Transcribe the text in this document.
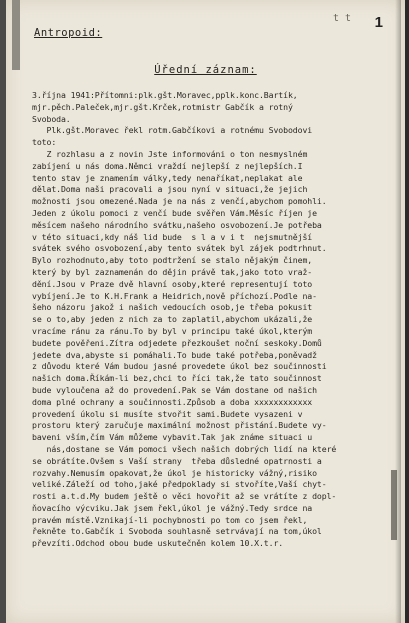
t t 1
Antropoid:
Úřední záznam:
3.října 1941:Přítomni:plk.gšt.Moravec,pplk.konc.Bartík,
mjr.pěch.Paleček,mjr.gšt.Krček,rotmistr Gabčík a rotný
Svoboda.
Plk.gšt.Moravec řekl rotm.Gabčíkovi a rotnému Svobodovi
toto:
Z rozhlasu a z novin Jste informováni o ton nesmyslném
zabíjení u nás doma.Němci vraždí nejlepší z nejlepších.I
tento stav je znamením války,tedy nenaříkat,neplakat ale
dělat.Doma naši pracovali a jsou nyní v situaci,že jejich
možnosti jsou omezené.Nada je na nás z venčí,abychom pomohli.
Jeden z úkolu pomoci z venčí bude svěřen Vám.Měsíc říjen je
měsícem našeho národního svátku,našeho osvobození.Je potřeba
v této situaci,kdy náš lid bude  s l a v i t  nejsmutnější
svátek svého osvobození,aby tento svátek byl zájek podtrhnut.
Bylo rozhodnuto,aby toto podtržení se stalo nějakým činem,
který by byl zaznamenán do dějin právě tak,jako toto vraž-
dění.Jsou v Praze dvě hlavní osoby,které representují toto
vybíjení.Je to K.H.Frank a Heidrich,nově příchozí.Podle na-
šeho názoru jakož i našich vedoucích osob,je třeba pokusit
se o to,aby jeden z nich za to zaplatil,abychom ukázali,že
vracíme ránu za ránu.To by byl v principu také úkol,kterým
budete pověřeni.Zítra odjedete přezkoušet noční seskoky.Domů
jedete dva,abyste si pomáhali.To bude také potřeba,poněvadž
z důvodu které Vám budou jasné provedete úkol bez součinnosti
našich doma.Říkám-li bez,chci to říci tak,že tato součinnost
bude vyloučena až do provedení.Pak se Vám dostane od našich
doma plné ochrany a součinnosti.Způsob a doba xxxxxxxxxxxx
provedení úkolu si musíte stvořit sami.Budete vysazeni v
prostoru který zaručuje maximální možnost přistání.Budete vy-
baveni vším,čím Vám můžeme vybavit.Tak jak známe situaci u
nás,dostane se Vám pomoci všech našich dobrých lidí na které
se obrátíte.Ovšem s Vaší strany  třeba důsledné opatrnosti a
rozvahy.Nemusím opakovat,že úkol je historicky vážný,risiko
veliké.Záleží od toho,jaké předpoklady si stvoříte,Vaší chyt-
rosti a.t.d.My budem ještě o věci hovořit až se vrátíte z dopl-
ňovacího výcviku.Jak jsem řekl,úkol je vážný.Tedy srdce na
pravém místě.Vznikají-li pochybnosti po tom co jsem řekl,
řekněte to.Gabčík i Svoboda souhlasně setrvávají na tom,úkol
převzíti.Odchod obou bude uskutečněn kolem 10.X.t.r.
